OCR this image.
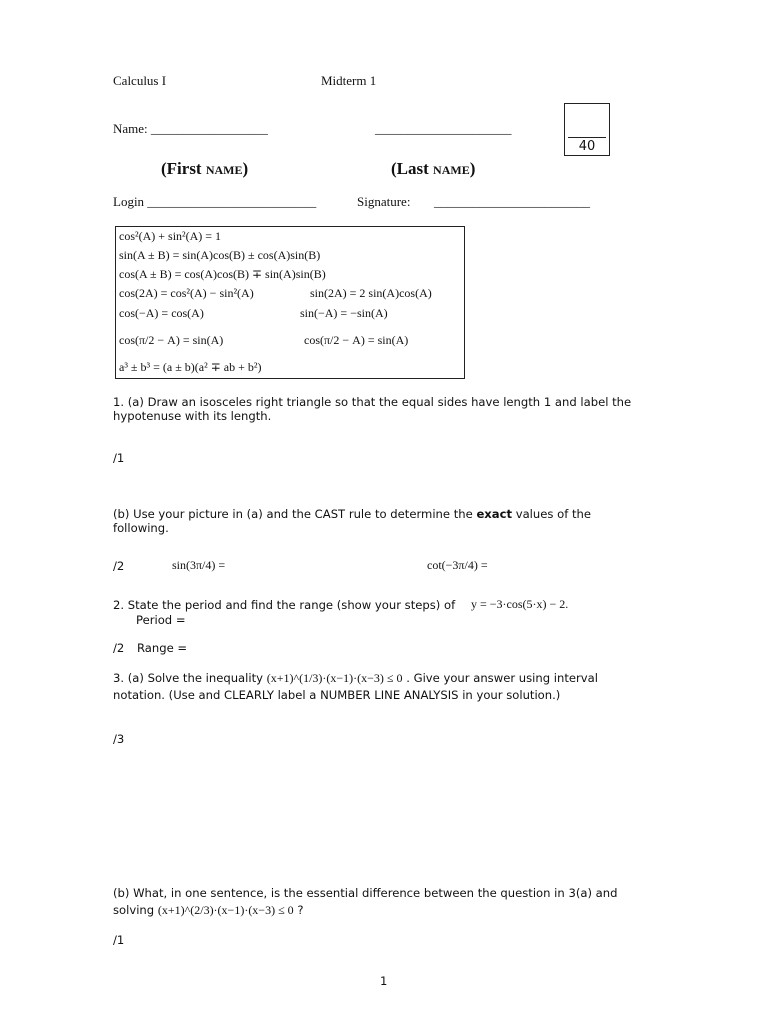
Calculus I	Midterm 1
Name: __________________	_____________________
40
(First NAME)	(Last NAME)
Login __________________________	Signature: ________________________
cos²(A) + sin²(A) = 1
sin(A ± B) = sin(A)cos(B) ± cos(A)sin(B)
cos(A ± B) = cos(A)cos(B) ∓ sin(A)sin(B)
cos(2A) = cos²(A) − sin²(A)	sin(2A) = 2 sin(A)cos(A)
cos(−A) = cos(A)	sin(−A) = −sin(A)
cos(π/2 − A) = sin(A)	cos(π/2 − A) = sin(A)
a³ ± b³ = (a ± b)(a² ∓ ab + b²)
1. (a) Draw an isosceles right triangle so that the equal sides have length 1 and label the
hypotenuse with its length.
/1
(b) Use your picture in (a) and the CAST rule to determine the exact values of the
following.
/2	sin(3π/4) =	cot(−3π/4) =
2. State the period and find the range (show your steps) of y = −3·cos(5·x) − 2.
Period =
/2 Range =
3. (a) Solve the inequality (x+1)^(1/3)·(x−1)·(x−3) ≤ 0 . Give your answer using interval
notation. (Use and CLEARLY label a NUMBER LINE ANALYSIS in your solution.)
/3
(b) What, in one sentence, is the essential difference between the question in 3(a) and
solving (x+1)^(2/3)·(x−1)·(x−3) ≤ 0 ?
/1
1
